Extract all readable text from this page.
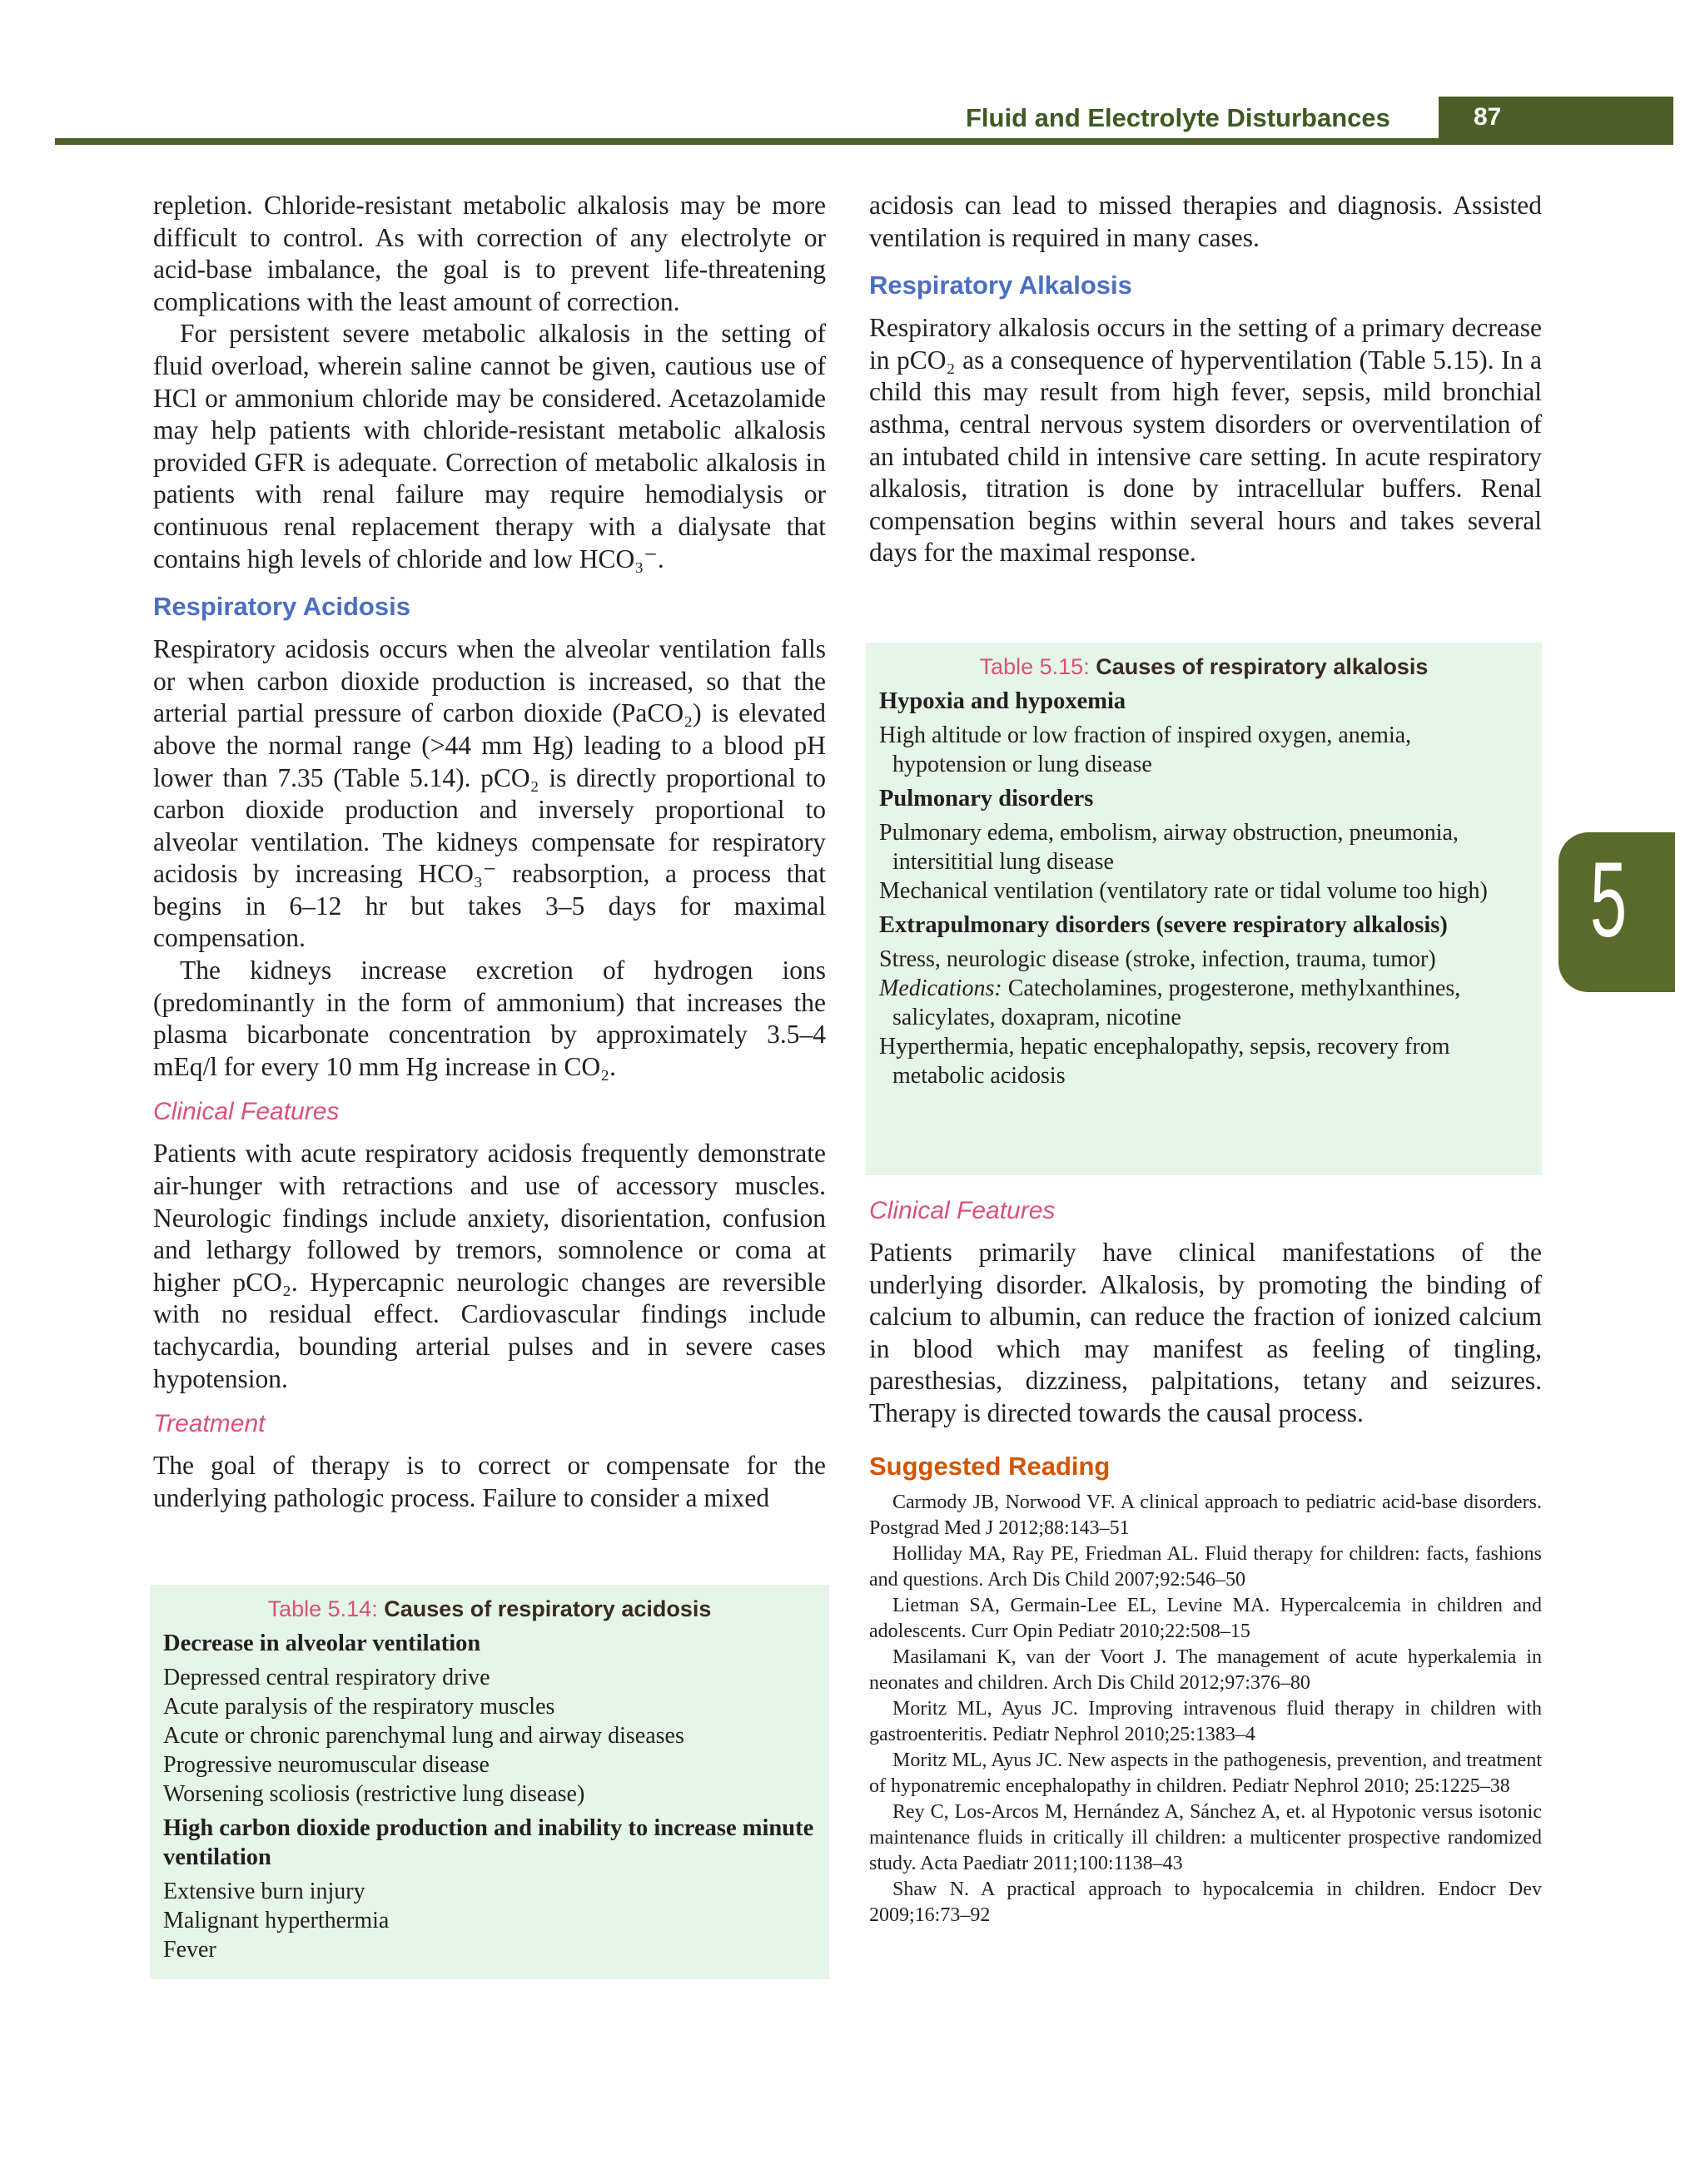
Fluid and Electrolyte Disturbances	87
5

repletion. Chloride-resistant metabolic alkalosis may be more difficult to control. As with correction of any electrolyte or acid-base imbalance, the goal is to prevent life-threatening complications with the least amount of correction.

For persistent severe metabolic alkalosis in the setting of fluid overload, wherein saline cannot be given, cautious use of HCl or ammonium chloride may be considered. Acetazolamide may help patients with chloride-resistant metabolic alkalosis provided GFR is adequate. Correction of metabolic alkalosis in patients with renal failure may require hemodialysis or continuous renal replacement therapy with a dialysate that contains high levels of chloride and low HCO₃⁻.

Respiratory Acidosis

Respiratory acidosis occurs when the alveolar ventilation falls or when carbon dioxide production is increased, so that the arterial partial pressure of carbon dioxide (PaCO₂) is elevated above the normal range (>44 mm Hg) leading to a blood pH lower than 7.35 (Table 5.14). pCO₂ is directly proportional to carbon dioxide production and inversely proportional to alveolar ventilation. The kidneys compensate for respiratory acidosis by increasing HCO₃⁻ reabsorption, a process that begins in 6–12 hr but takes 3–5 days for maximal compensation.

The kidneys increase excretion of hydrogen ions (predominantly in the form of ammonium) that increases the plasma bicarbonate concentration by approximately 3.5–4 mEq/l for every 10 mm Hg increase in CO₂.

Clinical Features

Patients with acute respiratory acidosis frequently demonstrate air-hunger with retractions and use of accessory muscles. Neurologic findings include anxiety, disorientation, confusion and lethargy followed by tremors, somnolence or coma at higher pCO₂. Hypercapnic neurologic changes are reversible with no residual effect. Cardiovascular findings include tachycardia, bounding arterial pulses and in severe cases hypotension.

Treatment

The goal of therapy is to correct or compensate for the underlying pathologic process. Failure to consider a mixed

Table 5.14: Causes of respiratory acidosis
Decrease in alveolar ventilation
Depressed central respiratory drive
Acute paralysis of the respiratory muscles
Acute or chronic parenchymal lung and airway diseases
Progressive neuromuscular disease
Worsening scoliosis (restrictive lung disease)
High carbon dioxide production and inability to increase minute ventilation
Extensive burn injury
Malignant hyperthermia
Fever

acidosis can lead to missed therapies and diagnosis. Assisted ventilation is required in many cases.

Respiratory Alkalosis

Respiratory alkalosis occurs in the setting of a primary decrease in pCO₂ as a consequence of hyperventilation (Table 5.15). In a child this may result from high fever, sepsis, mild bronchial asthma, central nervous system disorders or overventilation of an intubated child in intensive care setting. In acute respiratory alkalosis, titration is done by intracellular buffers. Renal compensation begins within several hours and takes several days for the maximal response.

Table 5.15: Causes of respiratory alkalosis
Hypoxia and hypoxemia
High altitude or low fraction of inspired oxygen, anemia, hypotension or lung disease
Pulmonary disorders
Pulmonary edema, embolism, airway obstruction, pneumonia, intersititial lung disease
Mechanical ventilation (ventilatory rate or tidal volume too high)
Extrapulmonary disorders (severe respiratory alkalosis)
Stress, neurologic disease (stroke, infection, trauma, tumor)
Medications: Catecholamines, progesterone, methylxanthines, salicylates, doxapram, nicotine
Hyperthermia, hepatic encephalopathy, sepsis, recovery from metabolic acidosis
Clinical Features

Patients primarily have clinical manifestations of the underlying disorder. Alkalosis, by promoting the binding of calcium to albumin, can reduce the fraction of ionized calcium in blood which may manifest as feeling of tingling, paresthesias, dizziness, palpitations, tetany and seizures. Therapy is directed towards the causal process.

Suggested Reading

Carmody JB, Norwood VF. A clinical approach to pediatric acid-base disorders. Postgrad Med J 2012;88:143–51

Holliday MA, Ray PE, Friedman AL. Fluid therapy for children: facts, fashions and questions. Arch Dis Child 2007;92:546–50

Lietman SA, Germain-Lee EL, Levine MA. Hypercalcemia in children and adolescents. Curr Opin Pediatr 2010;22:508–15

Masilamani K, van der Voort J. The management of acute hyperkalemia in neonates and children. Arch Dis Child 2012;97:376–80

Moritz ML, Ayus JC. Improving intravenous fluid therapy in children with gastroenteritis. Pediatr Nephrol 2010;25:1383–4

Moritz ML, Ayus JC. New aspects in the pathogenesis, prevention, and treatment of hyponatremic encephalopathy in children. Pediatr Nephrol 2010; 25:1225–38

Rey C, Los-Arcos M, Hernández A, Sánchez A, et. al Hypotonic versus isotonic maintenance fluids in critically ill children: a multicenter prospective randomized study. Acta Paediatr 2011;100:1138–43

Shaw N. A practical approach to hypocalcemia in children. Endocr Dev 2009;16:73–92
